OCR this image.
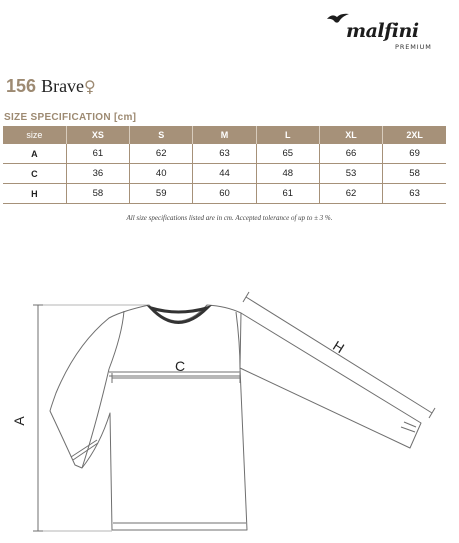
malfini
PREMIUM
156 Brave♀
SIZE SPECIFICATION [cm]
size	XS	S	M	L	XL	2XL
A	61	62	63	65	66	69
C	36	40	44	48	53	58
H	58	59	60	61	62	63
All size specifications listed are in cm. Accepted tolerance of up to ± 3 %.
A
C
H
